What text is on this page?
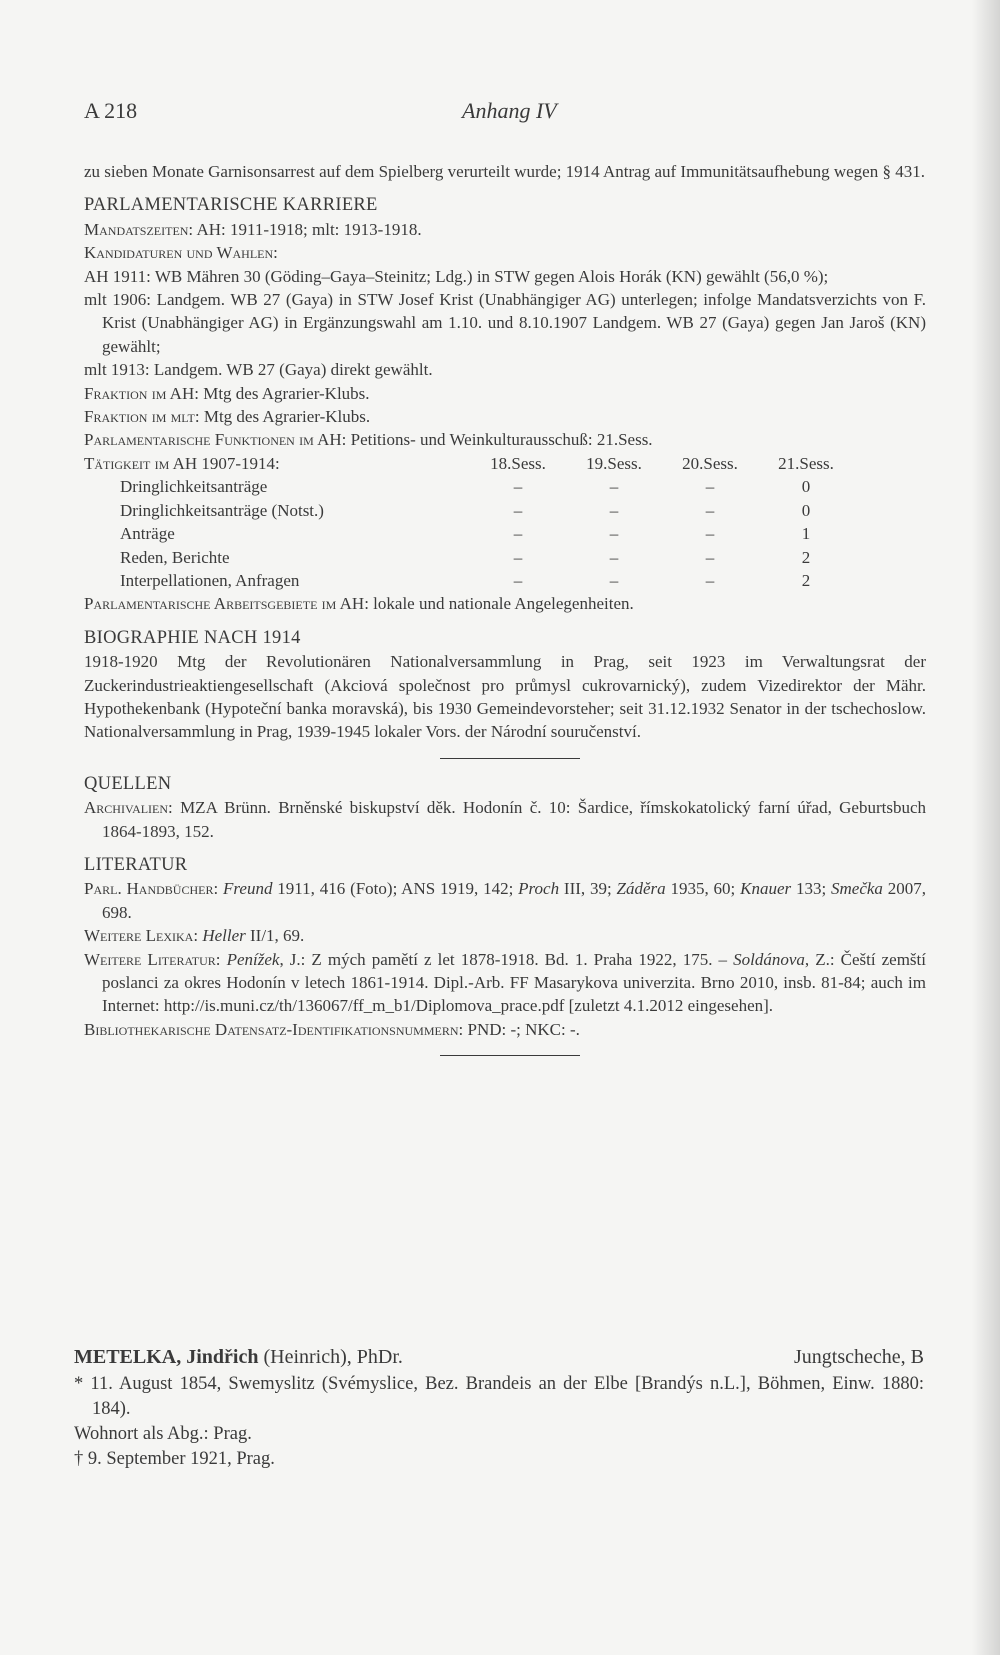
A 218	Anhang IV

zu sieben Monate Garnisonsarrest auf dem Spielberg verurteilt wurde; 1914 Antrag auf Immunitätsaufhebung wegen § 431.

PARLAMENTARISCHE KARRIERE

Mandatszeiten: AH: 1911-1918; mlt: 1913-1918.

Kandidaturen und Wahlen:

AH 1911: WB Mähren 30 (Göding–Gaya–Steinitz; Ldg.) in STW gegen Alois Horák (KN) gewählt (56,0 %);

mlt 1906: Landgem. WB 27 (Gaya) in STW Josef Krist (Unabhängiger AG) unterlegen; infolge Mandatsverzichts von F. Krist (Unabhängiger AG) in Ergänzungswahl am 1.10. und 8.10.1907 Landgem. WB 27 (Gaya) gegen Jan Jaroš (KN) gewählt;

mlt 1913: Landgem. WB 27 (Gaya) direkt gewählt.

Fraktion im AH: Mtg des Agrarier-Klubs.

Fraktion im mlt: Mtg des Agrarier-Klubs.

Parlamentarische Funktionen im AH: Petitions- und Weinkulturausschuß: 21.Sess.

Tätigkeit im AH 1907-1914:	18.Sess.	19.Sess.	20.Sess.	21.Sess.
Dringlichkeitsanträge	–	–	–	0
Dringlichkeitsanträge (Notst.)	–	–	–	0
Anträge	–	–	–	1
Reden, Berichte	–	–	–	2
Interpellationen, Anfragen	–	–	–	2

Parlamentarische Arbeitsgebiete im AH: lokale und nationale Angelegenheiten.

BIOGRAPHIE NACH 1914

1918-1920 Mtg der Revolutionären Nationalversammlung in Prag, seit 1923 im Verwaltungsrat der Zuckerindustrieaktiengesellschaft (Akciová společnost pro průmysl cukrovarnický), zudem Vizedirektor der Mähr. Hypothekenbank (Hypoteční banka moravská), bis 1930 Gemeindevorsteher; seit 31.12.1932 Senator in der tschechoslow. Nationalversammlung in Prag, 1939-1945 lokaler Vors. der Národní souručenství.

QUELLEN

Archivalien: MZA Brünn. Brněnské biskupství děk. Hodonín č. 10: Šardice, římskokatolický farní úřad, Geburtsbuch 1864-1893, 152.

LITERATUR

Parl. Handbücher: Freund 1911, 416 (Foto); ANS 1919, 142; Proch III, 39; Záděra 1935, 60; Knauer 133; Smečka 2007, 698.

Weitere Lexika: Heller II/1, 69.

Weitere Literatur: Penížek, J.: Z mých pamětí z let 1878-1918. Bd. 1. Praha 1922, 175. – Soldánova, Z.: Čeští zemští poslanci za okres Hodonín v letech 1861-1914. Dipl.-Arb. FF Masarykova univerzita. Brno 2010, insb. 81-84; auch im Internet: http://is.muni.cz/th/136067/ff_m_b1/Diplomova_prace.pdf [zuletzt 4.1.2012 eingesehen].

Bibliothekarische Datensatz-Identifikationsnummern: PND: -; NKC: -.

METELKA, Jindřich (Heinrich), PhDr.	Jungtscheche, B

* 11. August 1854, Swemyslitz (Svémyslice, Bez. Brandeis an der Elbe [Brandýs n.L.], Böhmen, Einw. 1880: 184).

Wohnort als Abg.: Prag.

† 9. September 1921, Prag.
